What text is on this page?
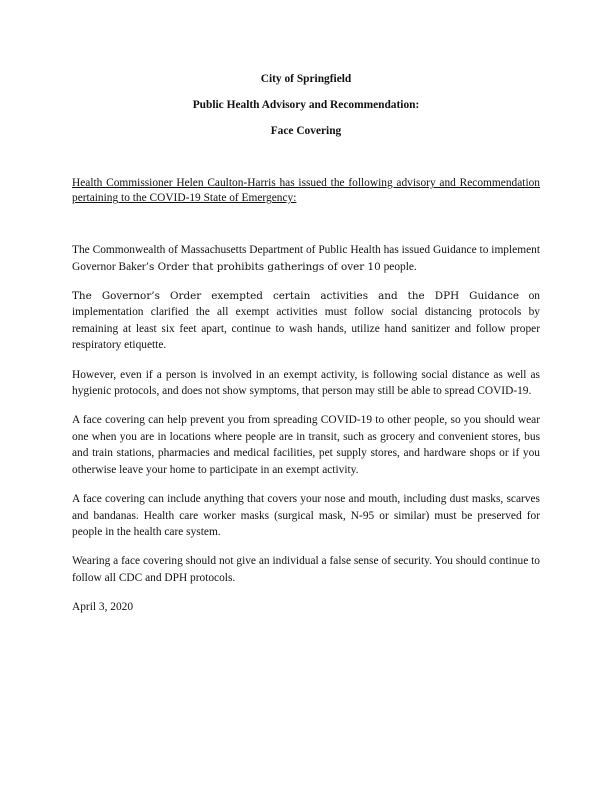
City of Springfield
Public Health Advisory and Recommendation:
Face Covering
Health Commissioner Helen Caulton-Harris has issued the following advisory and Recommendation pertaining to the COVID-19 State of Emergency:

The Commonwealth of Massachusetts Department of Public Health has issued Guidance to implement Governor Baker’s Order that prohibits gatherings of over 10 people.

The Governor’s Order exempted certain activities and the DPH Guidance on implementation clarified the all exempt activities must follow social distancing protocols by remaining at least six feet apart, continue to wash hands, utilize hand sanitizer and follow proper respiratory etiquette.

However, even if a person is involved in an exempt activity, is following social distance as well as hygienic protocols, and does not show symptoms, that person may still be able to spread COVID-19.

A face covering can help prevent you from spreading COVID-19 to other people, so you should wear one when you are in locations where people are in transit, such as grocery and convenient stores, bus and train stations, pharmacies and medical facilities, pet supply stores, and hardware shops or if you otherwise leave your home to participate in an exempt activity.

A face covering can include anything that covers your nose and mouth, including dust masks, scarves and bandanas. Health care worker masks (surgical mask, N-95 or similar) must be preserved for people in the health care system.

Wearing a face covering should not give an individual a false sense of security. You should continue to follow all CDC and DPH protocols.

April 3, 2020
